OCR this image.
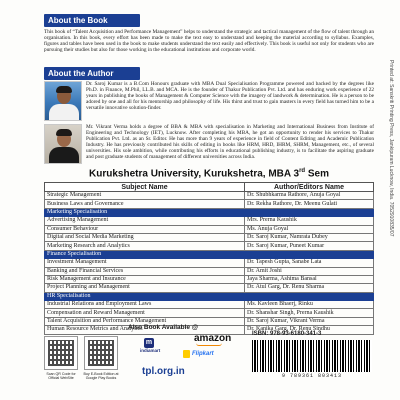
Printed at: Sanskriti Printing Press, Jankipuram Lucknow, India. 7052910835/07
About the Book

This book of “Talent Acquisition and Performance Management” helps to understand the strategic and tactical management of the flow of talent through an organisation. In this book, every effort has been made to make the text easy to understand and keeping the material according to syllabus. Examples, figures and tables have been used in the book to make students understand the text easily and effectively. This book is useful not only for students who are pursuing their studies but also for those working in the educational institutions and corporate world.

About the Author

Dr. Saroj Kumar is a B.Com Honours graduate with MBA Dual Specialisation Programme powered and backed by the degrees like Ph.D. in Finance, M.Phil, LL.B. and MCA. He is the founder of Thakur Publication Pvt. Ltd. and has enduring work experience of 22 years in publishing the books of Management & Computer Science with the imagery of landwork & determination. He is a person to be adored by one and all for his mentorship and philosophy of life. His thirst and trust to gain masters in every field has turned him to be a versatile innovative solution-finder.

Mr. Vikrant Verma holds a degree of BBA & MBA with specialisation in Marketing and International Business from Institute of Engineering and Technology (IET), Lucknow. After completing his MBA, he got an opportunity to render his services to Thakur Publication Pvt. Ltd. as an Sr. Editor. He has more than 9 years of experience in field of Content Editing and Academic Publication Industry. He has previously contributed his skills of editing in books like HRM, HRD, IHRM, SHRM, Management, etc., of several universities. His sole ambition, while contributing his efforts in educational publishing industry, is to facilitate the aspiring graduate and post graduate students of management of different universities across India.

Kurukshetra University, Kurukshetra, MBA 3rd Sem
Subject Name	Author/Editors Name
Strategic Management	Dr. Shubhkarma Rathore, Anuja Goyal
Business Laws and Governance	Dr. Rekha Rathore, Dr. Meenu Gulati
Marketing Specialisation	
Advertising Management	Mrs. Prerna Kaushik
Consumer Behaviour	Ms. Anuja Goyal
Digital and Social Media Marketing	Dr. Saroj Kumar, Namrata Dubey
Marketing Research and Analytics	Dr. Saroj Kumar, Puneet Kumar
Finance Specialisation	
Investment Management	Dr. Tapesh Gupta, Sanabe Lata
Banking and Financial Services	Dr. Amit Joshi
Risk Management and Insurance	Jaya Sharma, Ashima Bansal
Project Planning and Management	Dr. Atul Garg, Dr. Renu Sharma
HR Specialisation	
Industrial Relations and Employment Laws	Ms. Kavleen Bhaerj, Rinku
Compensation and Reward Management	Dr. Shanshar Singh, Prerna Kaushik
Talent Acquisition and Performance Management	Dr. Saroj Kumar, Vikrant Verma
Human Resource Metrics and Analytics	Dr. Kanika Garg, Dr. Renu Sindhu
Scan QR Code for Official WebSite
Buy E-Book Edition at Google Play Books
Also Book Available @
amazon
m
indiamart
Flipkart
tpl.org.in
ISBN: 978-93-6180-341-3
9 789361 803413
